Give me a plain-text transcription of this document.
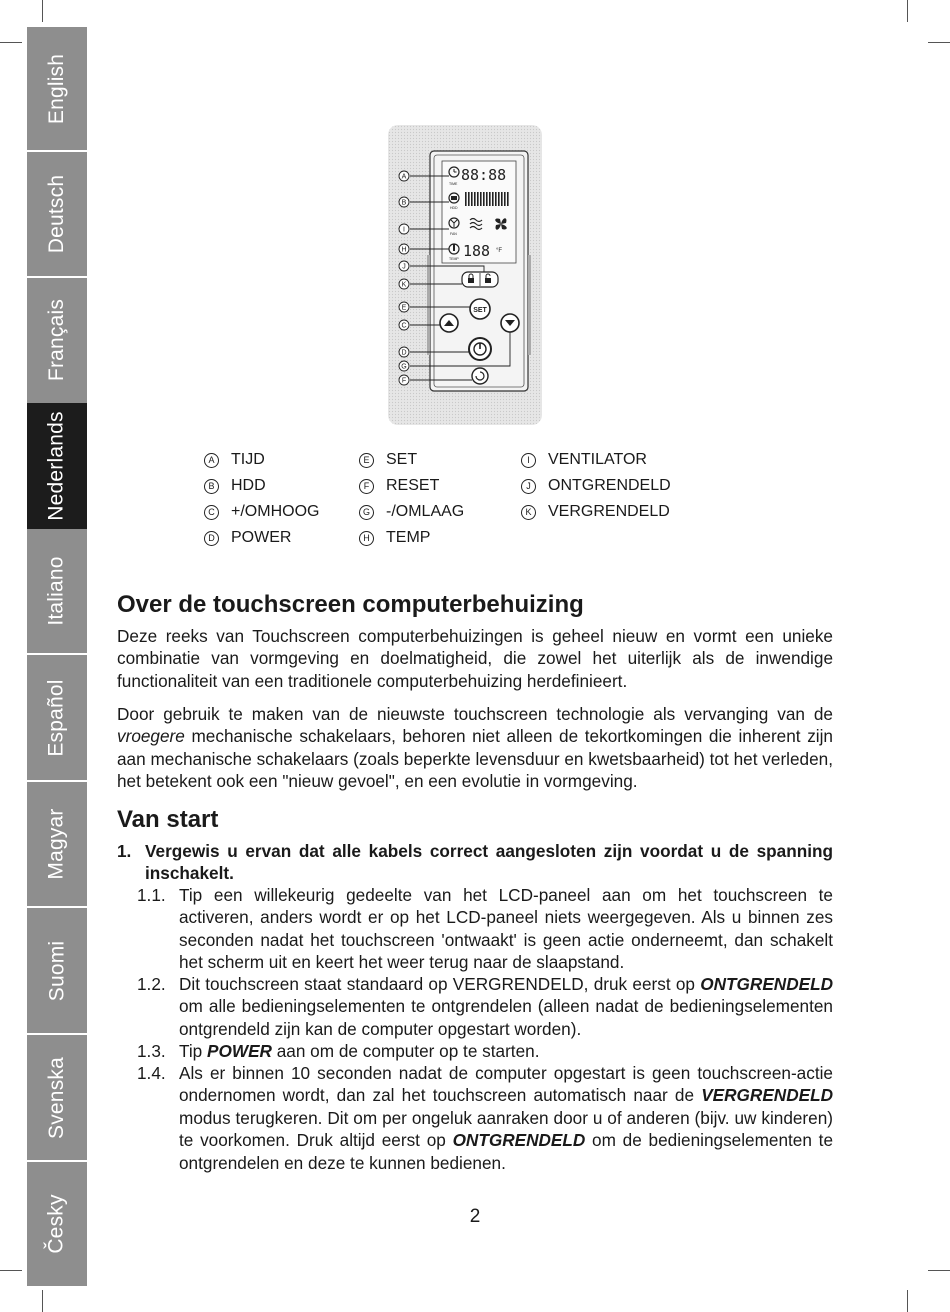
English
Deutsch
Français
Nederlands
Italiano
Español
Magyar
Suomi
Svenska
Česky
TIME 88:88
HDD
FAN
TEMP 188 °F
SET
A
B
I
H
J
K
E
C
D
G
F
A TIJD
B HDD
C +/OMHOOG
D POWER
E SET
F RESET
G -/OMLAAG
H TEMP
I	VENTILATOR
J	ONTGRENDELD
K VERGRENDELD
Over de touchscreen computerbehuizing

Deze reeks van Touchscreen computerbehuizingen is geheel nieuw en vormt een unieke combinatie van vormgeving en doelmatigheid, die zowel het uiterlijk als de inwendige functionaliteit van een traditionele computerbehuizing herdefinieert.

Door gebruik te maken van de nieuwste touchscreen technologie als vervanging van de vroegere mechanische schakelaars, behoren niet alleen de tekortkomingen die inherent zijn aan mechanische schakelaars (zoals beperkte levensduur en kwetsbaarheid) tot het verleden, het betekent ook een "nieuw gevoel", en een evolutie in vormgeving.

Van start
1. Vergewis u ervan dat alle kabels correct aangesloten zijn voordat u de spanning inschakelt.
1.1. Tip een willekeurig gedeelte van het LCD-paneel aan om het touchscreen te activeren, anders wordt er op het LCD-paneel niets weergegeven. Als u binnen zes seconden nadat het touchscreen 'ontwaakt' is geen actie onderneemt, dan schakelt het scherm uit en keert het weer terug naar de slaapstand.
1.2. Dit touchscreen staat standaard op VERGRENDELD, druk eerst op ONTGRENDELD om alle bedieningselementen te ontgrendelen (alleen nadat de bedieningselementen ontgrendeld zijn kan de computer opgestart worden).
1.3. Tip POWER aan om de computer op te starten.
1.4. Als er binnen 10 seconden nadat de computer opgestart is geen touchscreen-actie ondernomen wordt, dan zal het touchscreen automatisch naar de VERGRENDELD modus terugkeren. Dit om per ongeluk aanraken door u of anderen (bijv. uw kinderen) te voorkomen. Druk altijd eerst op ONTGRENDELD om de bedieningselementen te ontgrendelen en deze te kunnen bedienen.
2
